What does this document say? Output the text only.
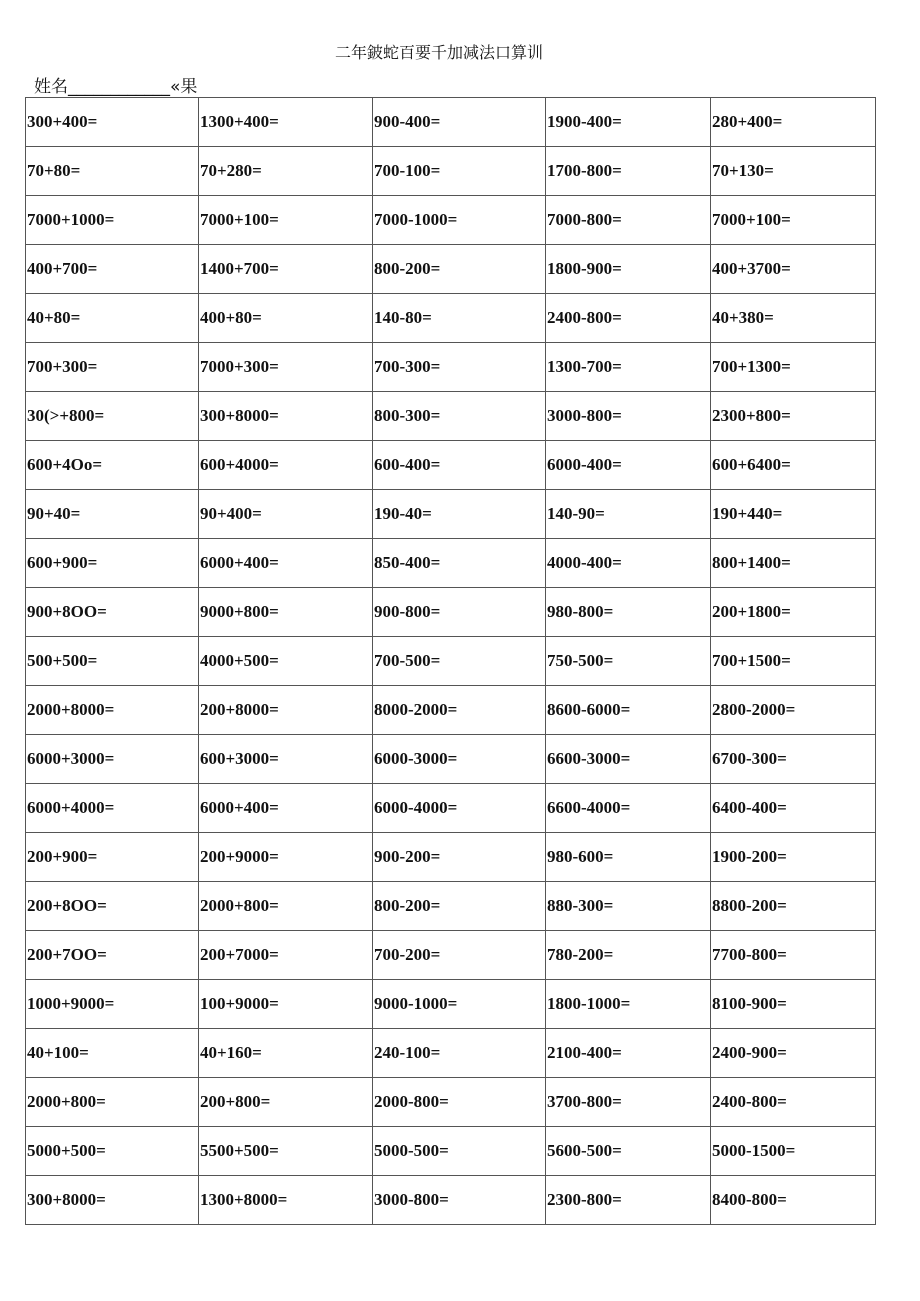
二年鈹蛇百要千加减法口算训
姓名____________«果
300+400=	1300+400=	900-400=	1900-400=	280+400=
70+80=	70+280=	700-100=	1700-800=	70+130=
7000+1000=	7000+100=	7000-1000=	7000-800=	7000+100=
400+700=	1400+700=	800-200=	1800-900=	400+3700=
40+80=	400+80=	140-80=	2400-800=	40+380=
700+300=	7000+300=	700-300=	1300-700=	700+1300=
30(>+800=	300+8000=	800-300=	3000-800=	2300+800=
600+4Oo=	600+4000=	600-400=	6000-400=	600+6400=
90+40=	90+400=	190-40=	140-90=	190+440=
600+900=	6000+400=	850-400=	4000-400=	800+1400=
900+8OO=	9000+800=	900-800=	980-800=	200+1800=
500+500=	4000+500=	700-500=	750-500=	700+1500=
2000+8000=	200+8000=	8000-2000=	8600-6000=	2800-2000=
6000+3000=	600+3000=	6000-3000=	6600-3000=	6700-300=
6000+4000=	6000+400=	6000-4000=	6600-4000=	6400-400=
200+900=	200+9000=	900-200=	980-600=	1900-200=
200+8OO=	2000+800=	800-200=	880-300=	8800-200=
200+7OO=	200+7000=	700-200=	780-200=	7700-800=
1000+9000=	100+9000=	9000-1000=	1800-1000=	8100-900=
40+100=	40+160=	240-100=	2100-400=	2400-900=
2000+800=	200+800=	2000-800=	3700-800=	2400-800=
5000+500=	5500+500=	5000-500=	5600-500=	5000-1500=
300+8000=	1300+8000=	3000-800=	2300-800=	8400-800=
